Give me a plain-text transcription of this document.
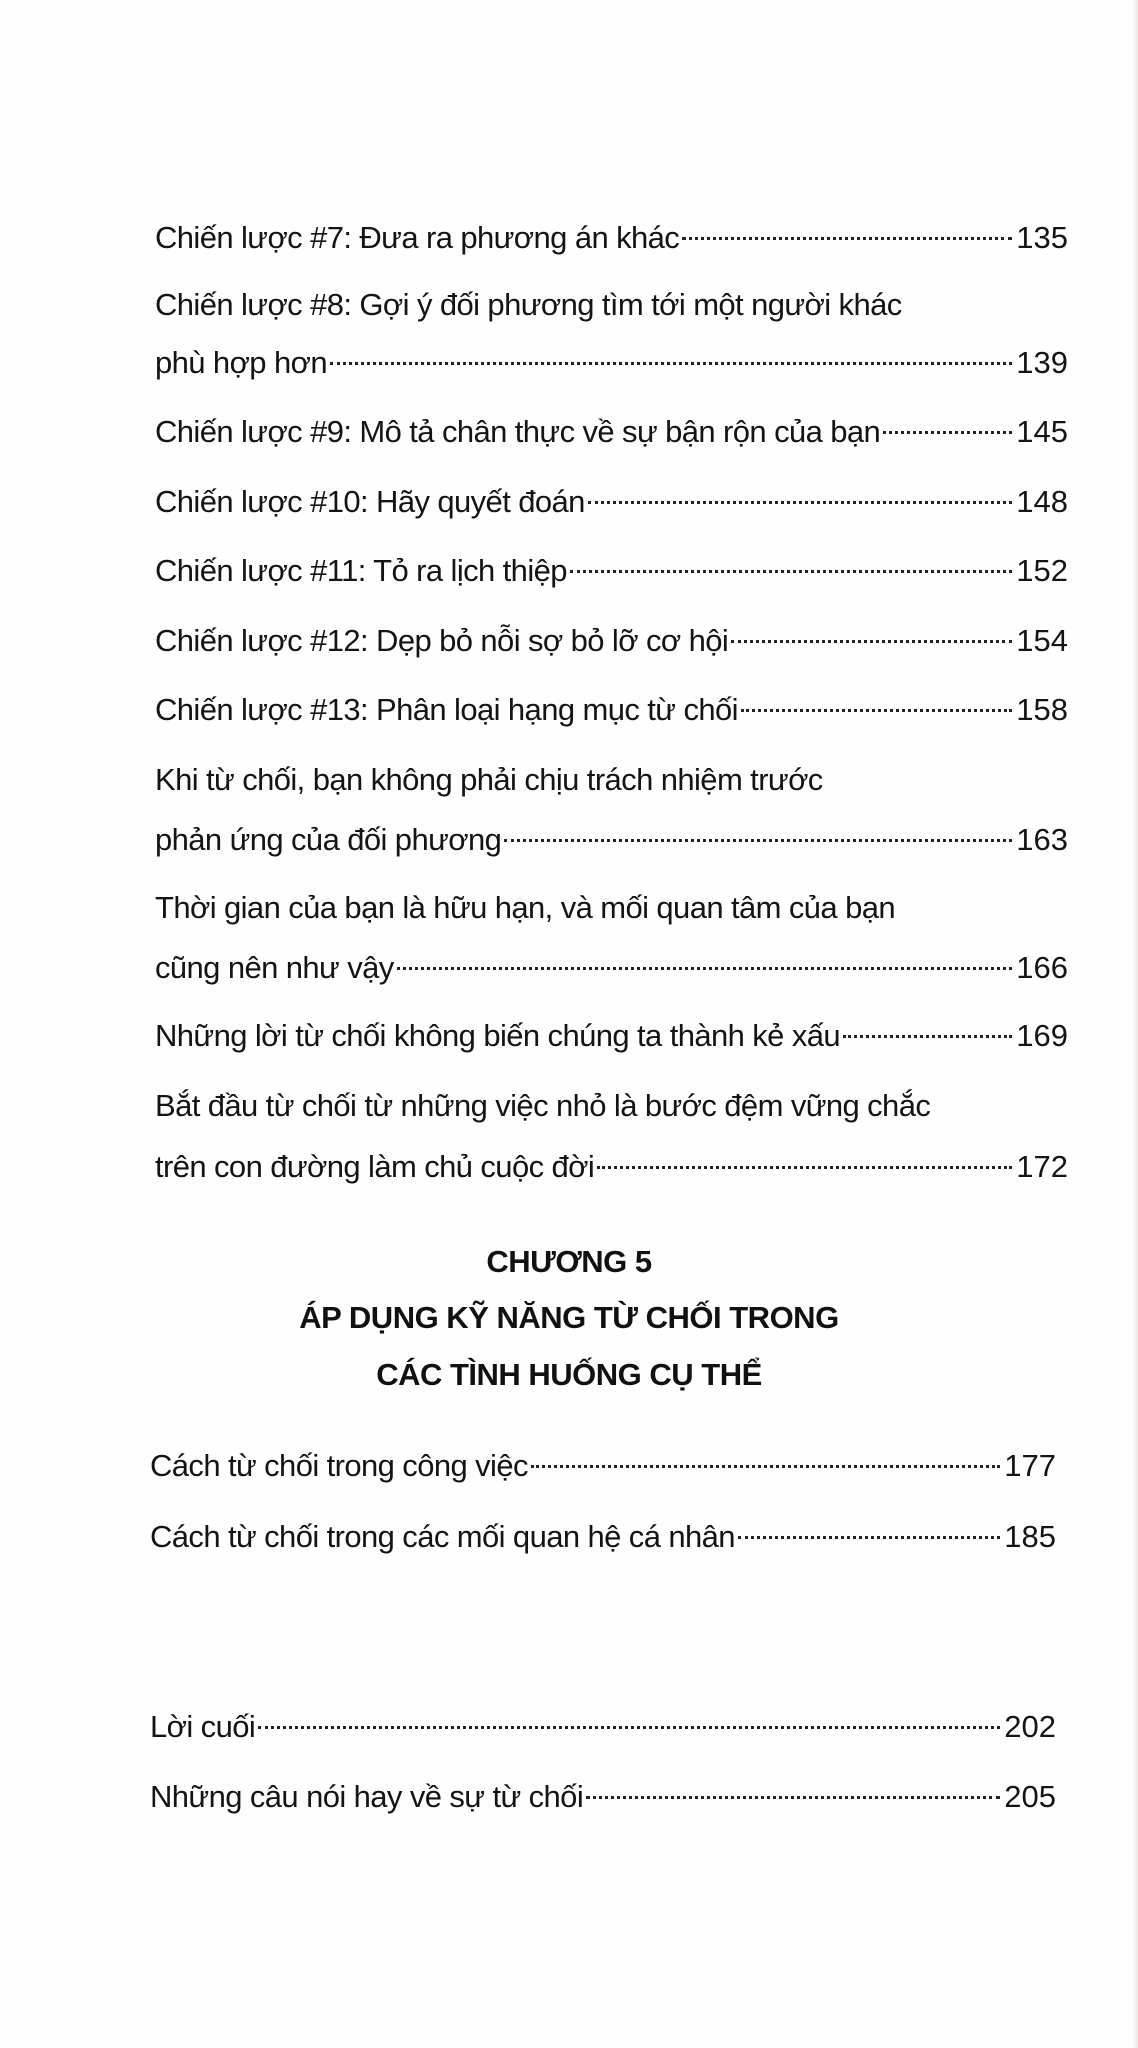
Chiến lược #7: Đưa ra phương án khác	135
Chiến lược #8: Gợi ý đối phương tìm tới một người khác
phù hợp hơn	139
Chiến lược #9: Mô tả chân thực về sự bận rộn của bạn	145
Chiến lược #10: Hãy quyết đoán	148
Chiến lược #11: Tỏ ra lịch thiệp	152
Chiến lược #12: Dẹp bỏ nỗi sợ bỏ lỡ cơ hội	154
Chiến lược #13: Phân loại hạng mục từ chối	158
Khi từ chối, bạn không phải chịu trách nhiệm trước
phản ứng của đối phương	163
Thời gian của bạn là hữu hạn, và mối quan tâm của bạn
cũng nên như vậy	166
Những lời từ chối không biến chúng ta thành kẻ xấu	169
Bắt đầu từ chối từ những việc nhỏ là bước đệm vững chắc
trên con đường làm chủ cuộc đời	172
CHƯƠNG 5
ÁP DỤNG KỸ NĂNG TỪ CHỐI TRONG
CÁC TÌNH HUỐNG CỤ THỂ
Cách từ chối trong công việc	177
Cách từ chối trong các mối quan hệ cá nhân	185
Lời cuối	202
Những câu nói hay về sự từ chối	205
